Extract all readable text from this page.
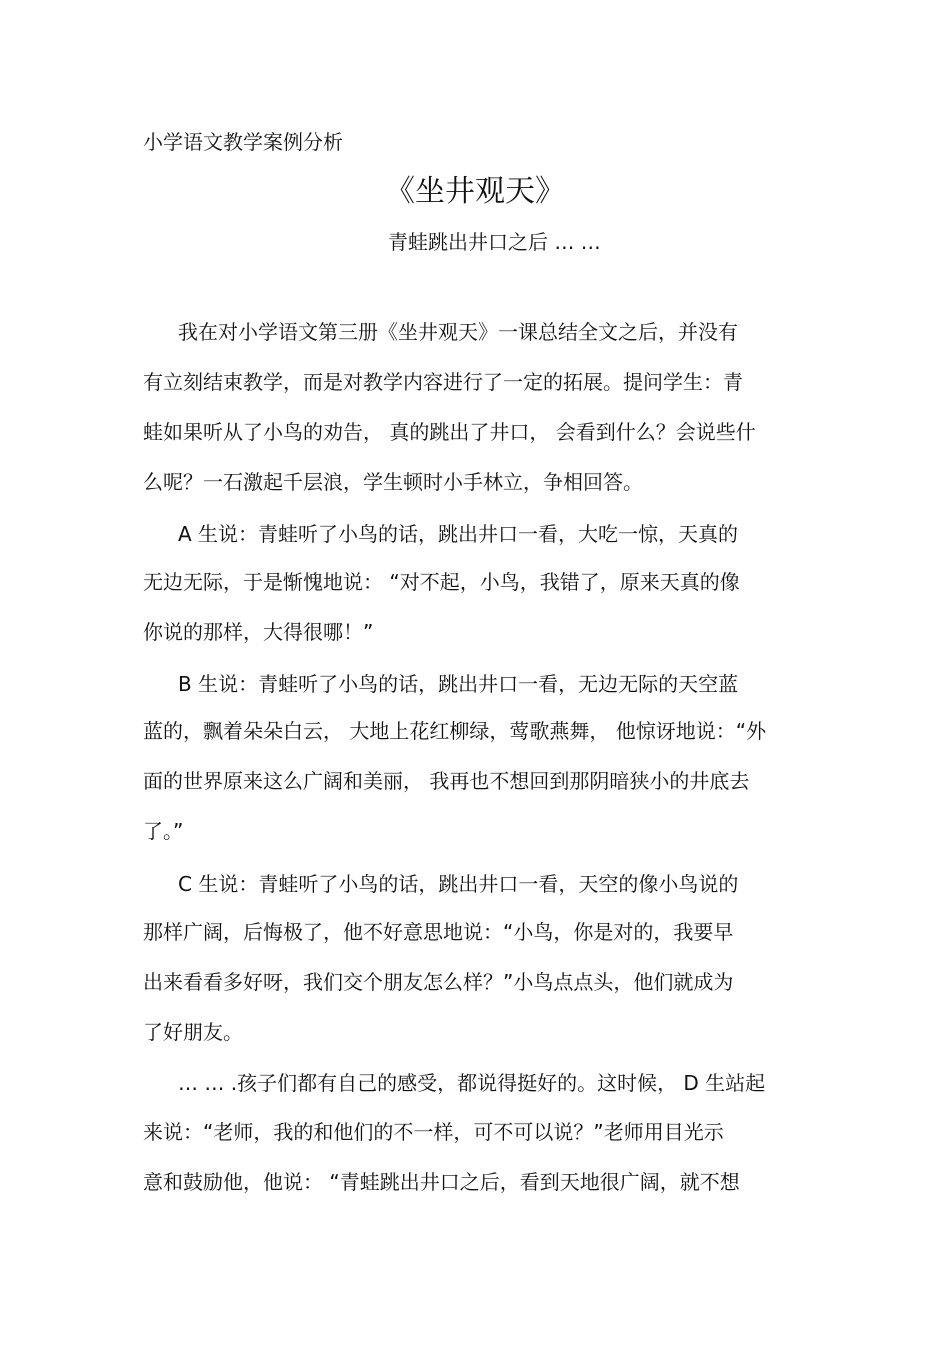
小学语文教学案例分析
《坐井观天》
青蛙跳出井口之后 … …
我在对小学语文第三册《坐井观天》一课总结全文之后，并没有
有立刻结束教学，而是对教学内容进行了一定的拓展。提问学生：青
蛙如果听从了小鸟的劝告， 真的跳出了井口， 会看到什么？会说些什
么呢？一石激起千层浪，学生顿时小手林立，争相回答。
A 生说：青蛙听了小鸟的话，跳出井口一看，大吃一惊，天真的
无边无际，于是惭愧地说： “对不起，小鸟，我错了，原来天真的像
你说的那样，大得很哪！”
B 生说：青蛙听了小鸟的话，跳出井口一看，无边无际的天空蓝
蓝的，飘着朵朵白云， 大地上花红柳绿，莺歌燕舞， 他惊讶地说：“外
面的世界原来这么广阔和美丽， 我再也不想回到那阴暗狭小的井底去
了。”
C 生说：青蛙听了小鸟的话，跳出井口一看，天空的像小鸟说的
那样广阔，后悔极了，他不好意思地说：“小鸟，你是对的，我要早
出来看看多好呀，我们交个朋友怎么样？”小鸟点点头，他们就成为
了好朋友。
… … .孩子们都有自己的感受，都说得挺好的。这时候， D 生站起
来说：“老师，我的和他们的不一样，可不可以说？”老师用目光示
意和鼓励他，他说： “青蛙跳出井口之后，看到天地很广阔，就不想
